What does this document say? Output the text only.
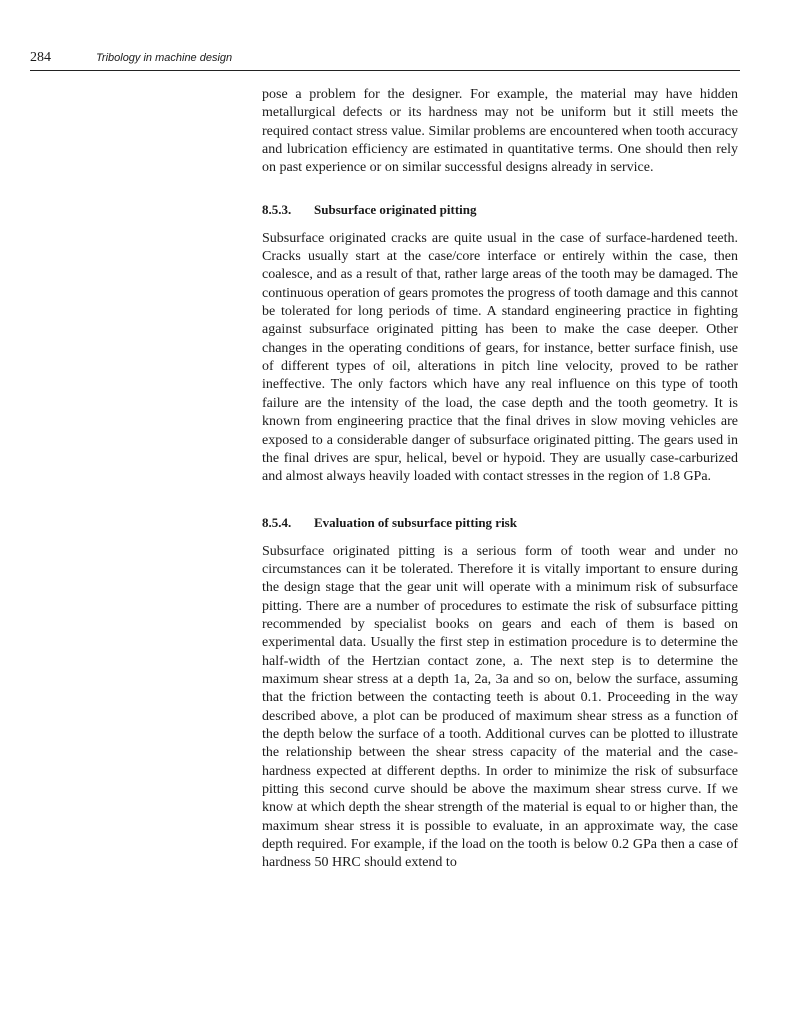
284	Tribology in machine design

pose a problem for the designer. For example, the material may have hidden metallurgical defects or its hardness may not be uniform but it still meets the required contact stress value. Similar problems are encountered when tooth accuracy and lubrication efficiency are estimated in quantitative terms. One should then rely on past experience or on similar successful designs already in service.

8.5.3. Subsurface originated pitting

Subsurface originated cracks are quite usual in the case of surface-hardened teeth. Cracks usually start at the case/core interface or entirely within the case, then coalesce, and as a result of that, rather large areas of the tooth may be damaged. The continuous operation of gears promotes the progress of tooth damage and this cannot be tolerated for long periods of time. A standard engineering practice in fighting against subsurface originated pitting has been to make the case deeper. Other changes in the operating conditions of gears, for instance, better surface finish, use of different types of oil, alterations in pitch line velocity, proved to be rather ineffective. The only factors which have any real influence on this type of tooth failure are the intensity of the load, the case depth and the tooth geometry. It is known from engineering practice that the final drives in slow moving vehicles are exposed to a considerable danger of subsurface originated pitting. The gears used in the final drives are spur, helical, bevel or hypoid. They are usually case-carburized and almost always heavily loaded with contact stresses in the region of 1.8 GPa.

8.5.4. Evaluation of subsurface pitting risk

Subsurface originated pitting is a serious form of tooth wear and under no circumstances can it be tolerated. Therefore it is vitally important to ensure during the design stage that the gear unit will operate with a minimum risk of subsurface pitting. There are a number of procedures to estimate the risk of subsurface pitting recommended by specialist books on gears and each of them is based on experimental data. Usually the first step in estimation procedure is to determine the half-width of the Hertzian contact zone, a. The next step is to determine the maximum shear stress at a depth 1a, 2a, 3a and so on, below the surface, assuming that the friction between the contacting teeth is about 0.1. Proceeding in the way described above, a plot can be produced of maximum shear stress as a function of the depth below the surface of a tooth. Additional curves can be plotted to illustrate the relationship between the shear stress capacity of the material and the case-hardness expected at different depths. In order to minimize the risk of subsurface pitting this second curve should be above the maximum shear stress curve. If we know at which depth the shear strength of the material is equal to or higher than, the maximum shear stress it is possible to evaluate, in an approximate way, the case depth required. For example, if the load on the tooth is below 0.2 GPa then a case of hardness 50 HRC should extend to
